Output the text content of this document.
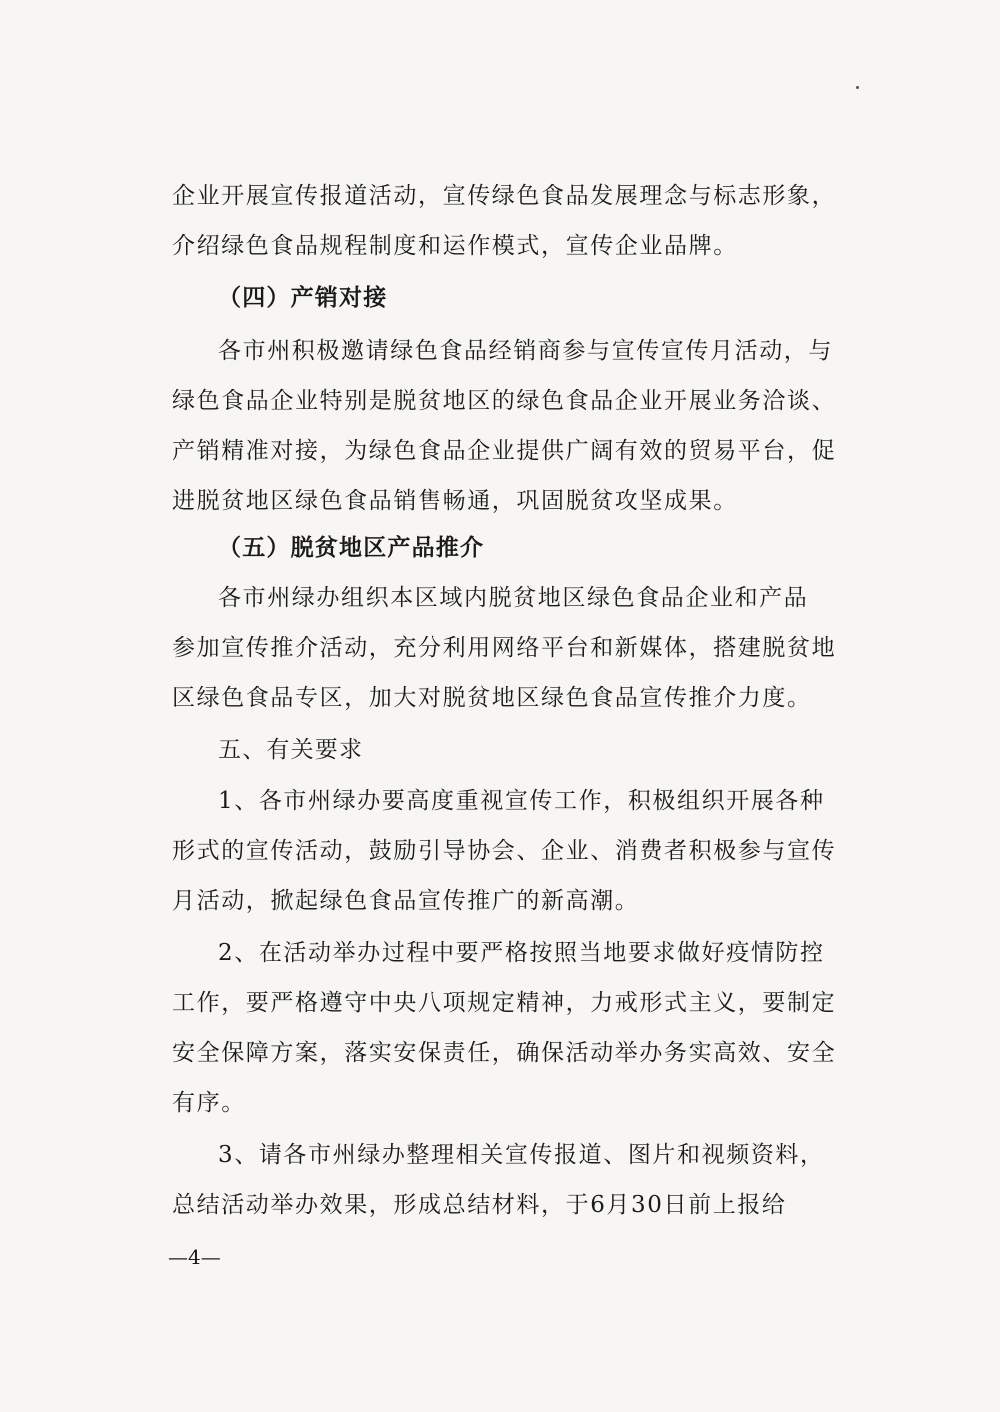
企业开展宣传报道活动，宣传绿色食品发展理念与标志形象，
介绍绿色食品规程制度和运作模式，宣传企业品牌。
（四）产销对接
各市州积极邀请绿色食品经销商参与宣传宣传月活动，与
绿色食品企业特别是脱贫地区的绿色食品企业开展业务洽谈、
产销精准对接，为绿色食品企业提供广阔有效的贸易平台，促
进脱贫地区绿色食品销售畅通，巩固脱贫攻坚成果。
（五）脱贫地区产品推介
各市州绿办组织本区域内脱贫地区绿色食品企业和产品
参加宣传推介活动，充分利用网络平台和新媒体，搭建脱贫地
区绿色食品专区，加大对脱贫地区绿色食品宣传推介力度。
五、有关要求
1、各市州绿办要高度重视宣传工作，积极组织开展各种
形式的宣传活动，鼓励引导协会、企业、消费者积极参与宣传
月活动，掀起绿色食品宣传推广的新高潮。
2、在活动举办过程中要严格按照当地要求做好疫情防控
工作，要严格遵守中央八项规定精神，力戒形式主义，要制定
安全保障方案，落实安保责任，确保活动举办务实高效、安全
有序。
3、请各市州绿办整理相关宣传报道、图片和视频资料，
总结活动举办效果，形成总结材料，于6月30日前上报给
—4—
